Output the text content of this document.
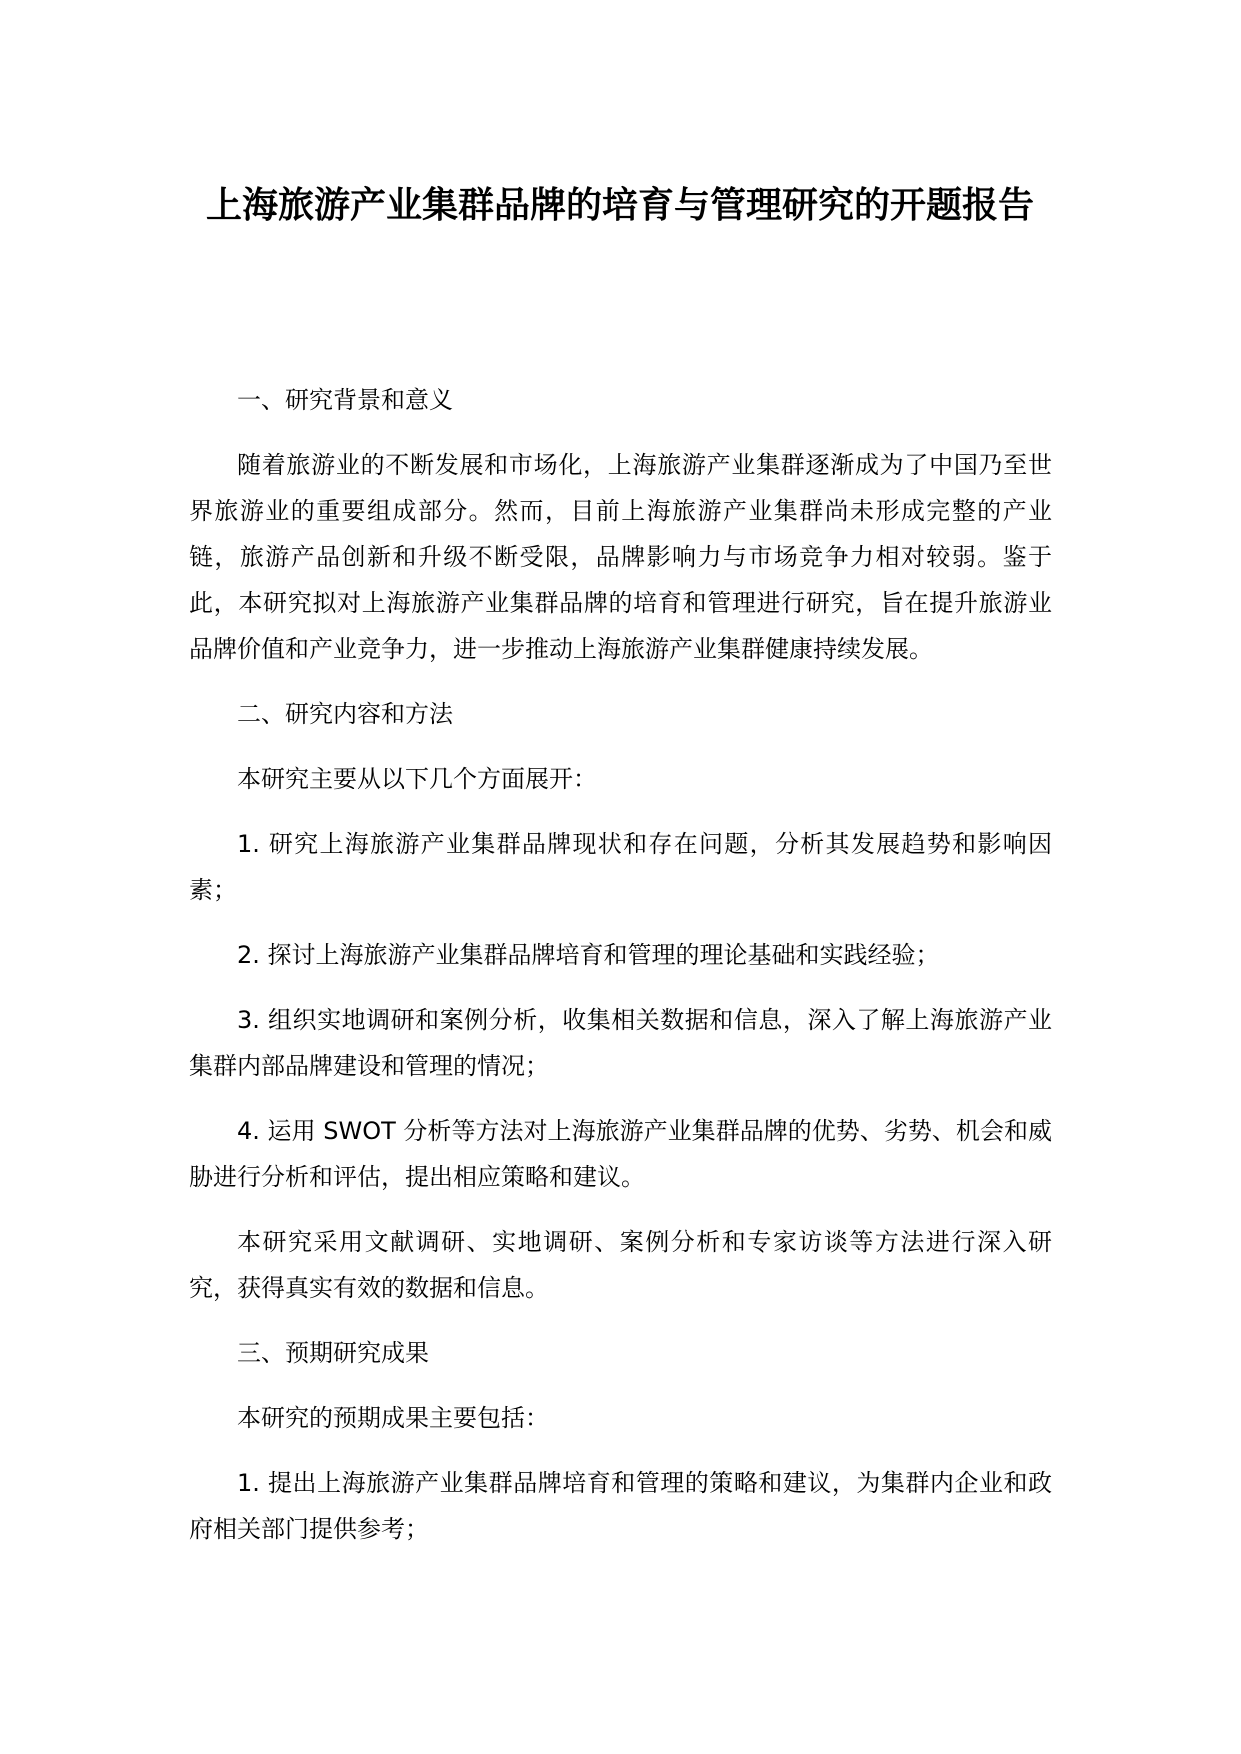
上海旅游产业集群品牌的培育与管理研究的开题报告

一、研究背景和意义

随着旅游业的不断发展和市场化，上海旅游产业集群逐渐成为了中国乃至世界旅游业的重要组成部分。然而，目前上海旅游产业集群尚未形成完整的产业链，旅游产品创新和升级不断受限，品牌影响力与市场竞争力相对较弱。鉴于此，本研究拟对上海旅游产业集群品牌的培育和管理进行研究，旨在提升旅游业品牌价值和产业竞争力，进一步推动上海旅游产业集群健康持续发展。

二、研究内容和方法

本研究主要从以下几个方面展开：

1. 研究上海旅游产业集群品牌现状和存在问题，分析其发展趋势和影响因素；

2. 探讨上海旅游产业集群品牌培育和管理的理论基础和实践经验；

3. 组织实地调研和案例分析，收集相关数据和信息，深入了解上海旅游产业集群内部品牌建设和管理的情况；

4. 运用 SWOT 分析等方法对上海旅游产业集群品牌的优势、劣势、机会和威胁进行分析和评估，提出相应策略和建议。

本研究采用文献调研、实地调研、案例分析和专家访谈等方法进行深入研究，获得真实有效的数据和信息。

三、预期研究成果

本研究的预期成果主要包括：

1. 提出上海旅游产业集群品牌培育和管理的策略和建议，为集群内企业和政府相关部门提供参考；
